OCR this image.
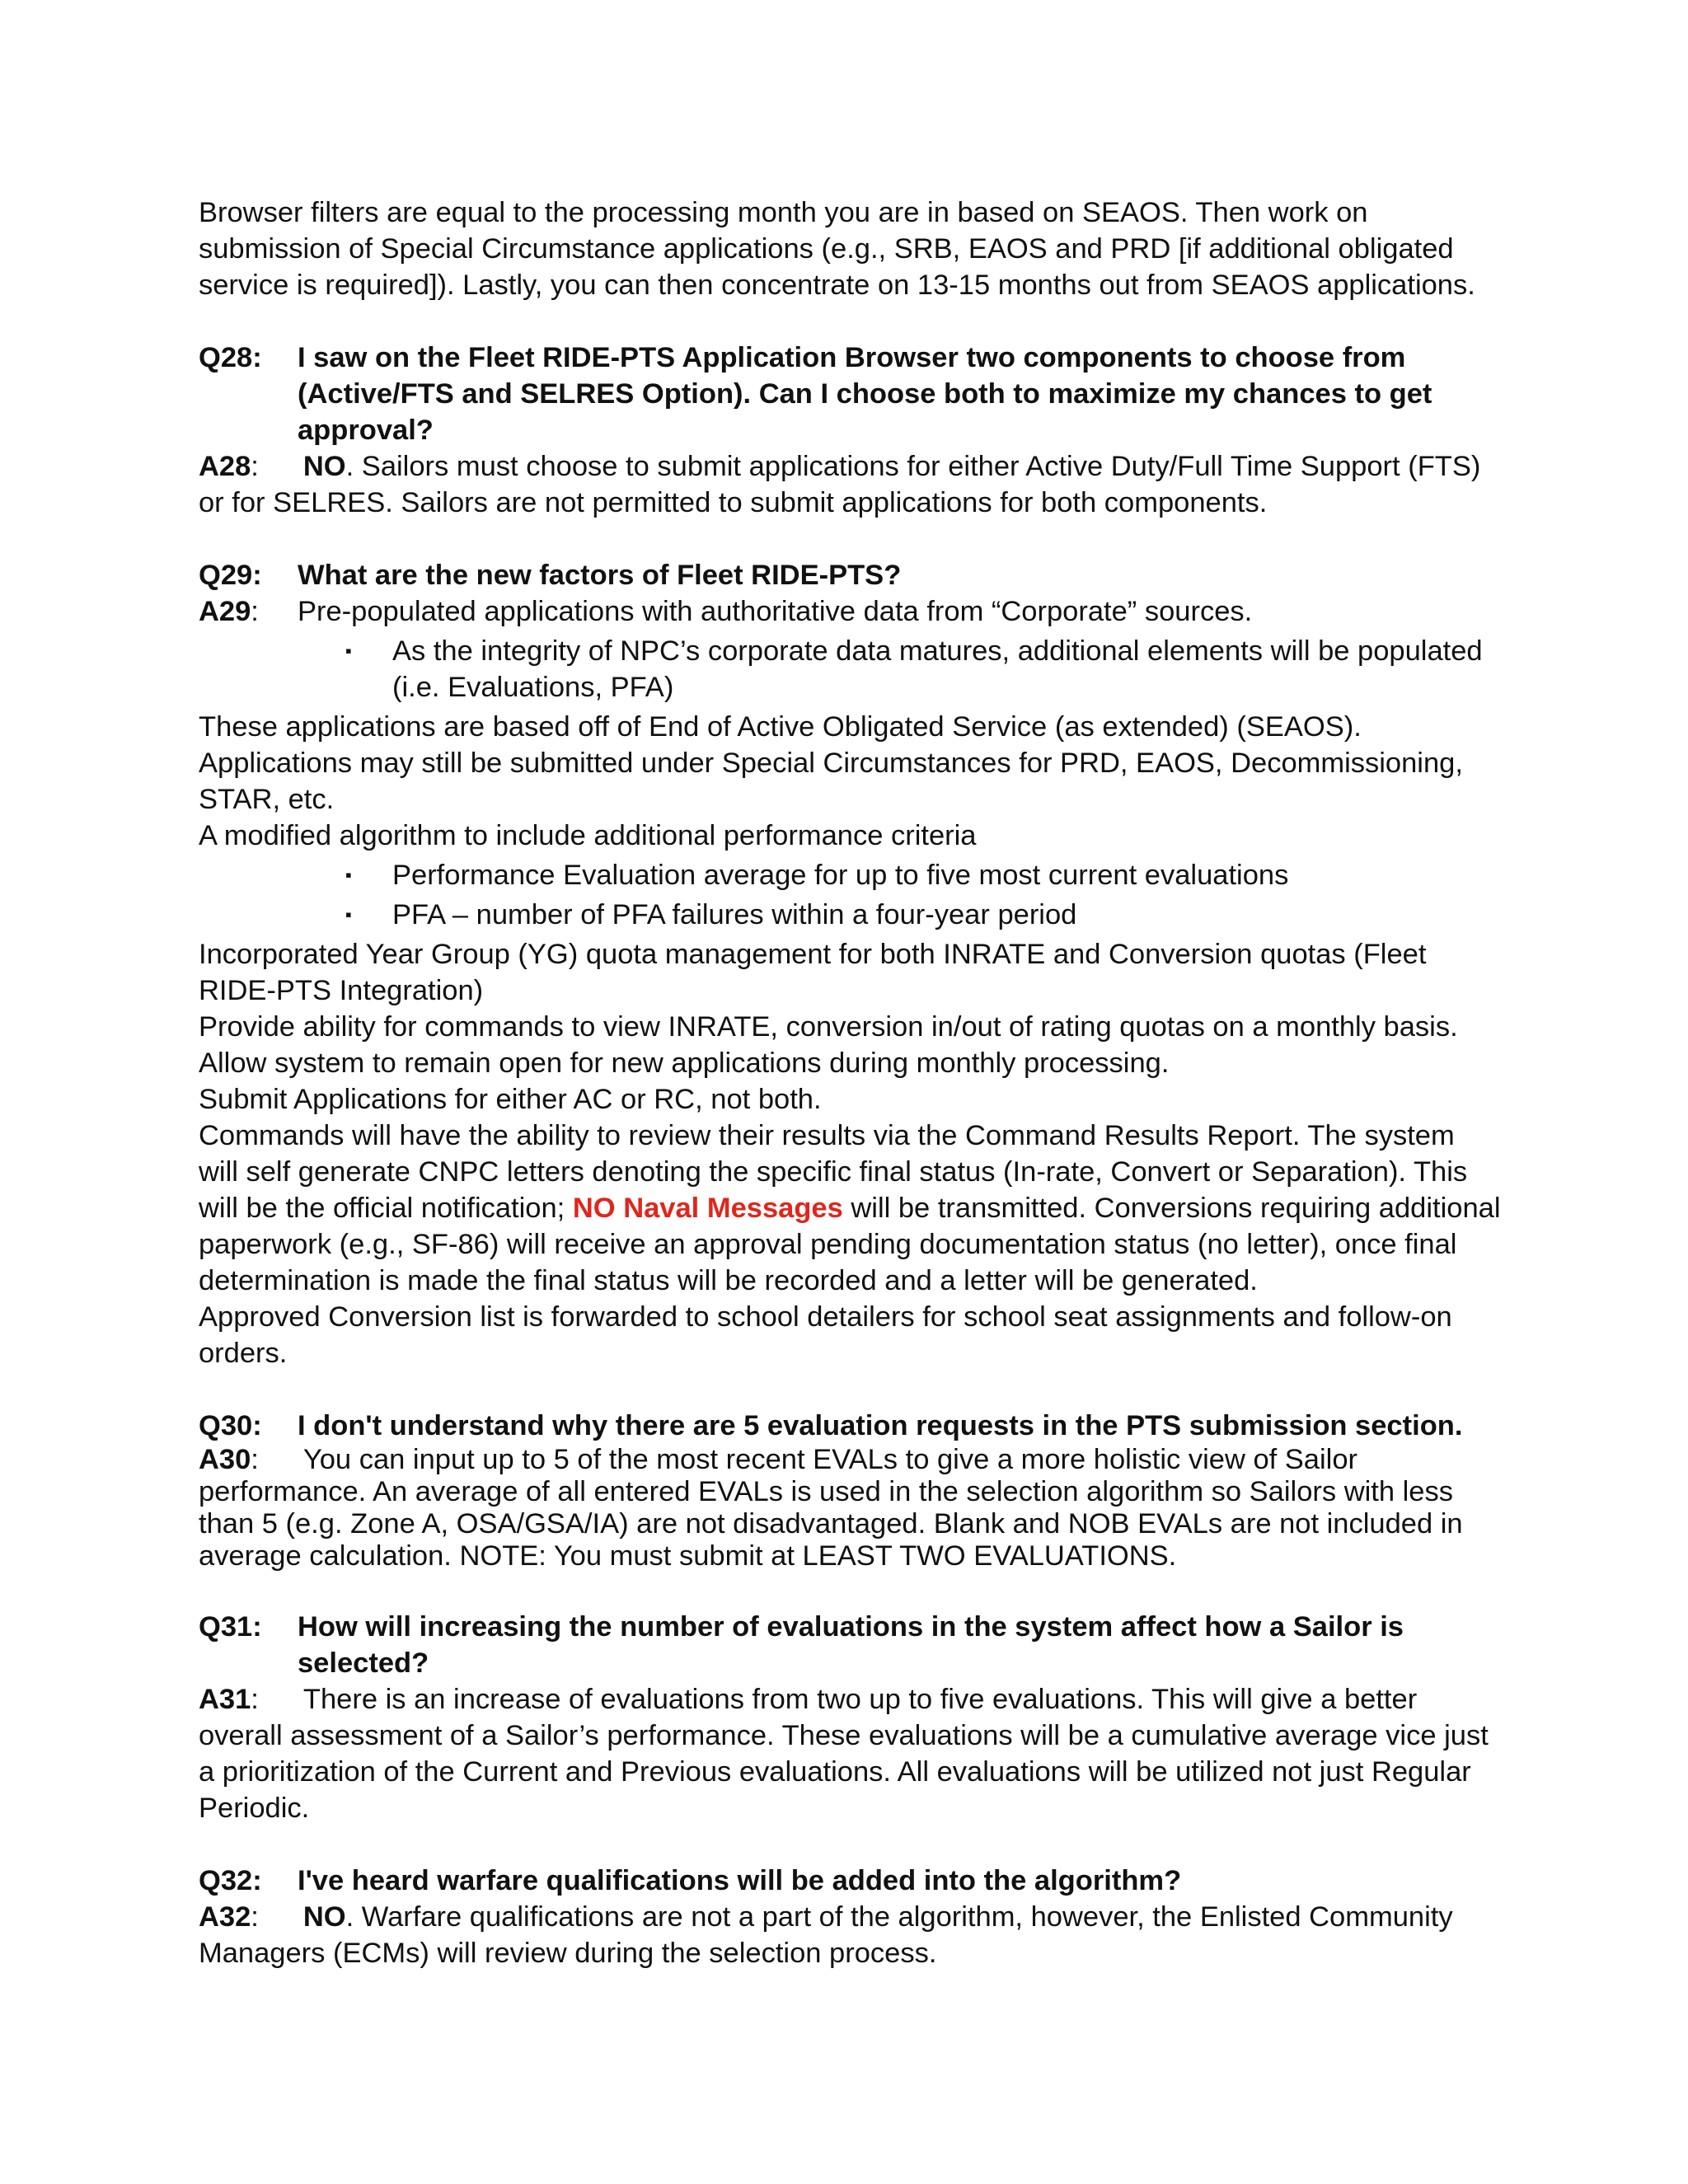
Browser filters are equal to the processing month you are in based on SEAOS. Then work on submission of Special Circumstance applications (e.g., SRB, EAOS and PRD [if additional obligated service is required]). Lastly, you can then concentrate on 13-15 months out from SEAOS applications.

Q28:	I saw on the Fleet RIDE-PTS Application Browser two components to choose from (Active/FTS and SELRES Option). Can I choose both to maximize my chances to get approval?

A28: NO. Sailors must choose to submit applications for either Active Duty/Full Time Support (FTS) or for SELRES. Sailors are not permitted to submit applications for both components.

Q29:	What are the new factors of Fleet RIDE-PTS?
A29:	Pre-populated applications with authoritative data from “Corporate” sources.
▪	As the integrity of NPC’s corporate data matures, additional elements will be populated (i.e. Evaluations, PFA)

These applications are based off of End of Active Obligated Service (as extended) (SEAOS).

Applications may still be submitted under Special Circumstances for PRD, EAOS, Decommissioning, STAR, etc.

A modified algorithm to include additional performance criteria

▪	Performance Evaluation average for up to five most current evaluations
▪	PFA – number of PFA failures within a four-year period

Incorporated Year Group (YG) quota management for both INRATE and Conversion quotas (Fleet RIDE-PTS Integration)

Provide ability for commands to view INRATE, conversion in/out of rating quotas on a monthly basis.

Allow system to remain open for new applications during monthly processing.

Submit Applications for either AC or RC, not both.

Commands will have the ability to review their results via the Command Results Report. The system will self generate CNPC letters denoting the specific final status (In-rate, Convert or Separation). This will be the official notification; NO Naval Messages will be transmitted. Conversions requiring additional paperwork (e.g., SF-86) will receive an approval pending documentation status (no letter), once final determination is made the final status will be recorded and a letter will be generated.

Approved Conversion list is forwarded to school detailers for school seat assignments and follow-on orders.

Q30:	I don't understand why there are 5 evaluation requests in the PTS submission section.

A30: You can input up to 5 of the most recent EVALs to give a more holistic view of Sailor performance. An average of all entered EVALs is used in the selection algorithm so Sailors with less than 5 (e.g. Zone A, OSA/GSA/IA) are not disadvantaged. Blank and NOB EVALs are not included in average calculation. NOTE: You must submit at LEAST TWO EVALUATIONS.

Q31:	How will increasing the number of evaluations in the system affect how a Sailor is selected?

A31: There is an increase of evaluations from two up to five evaluations. This will give a better overall assessment of a Sailor’s performance. These evaluations will be a cumulative average vice just a prioritization of the Current and Previous evaluations. All evaluations will be utilized not just Regular Periodic.

Q32:	I've heard warfare qualifications will be added into the algorithm?

A32: NO. Warfare qualifications are not a part of the algorithm, however, the Enlisted Community Managers (ECMs) will review during the selection process.
